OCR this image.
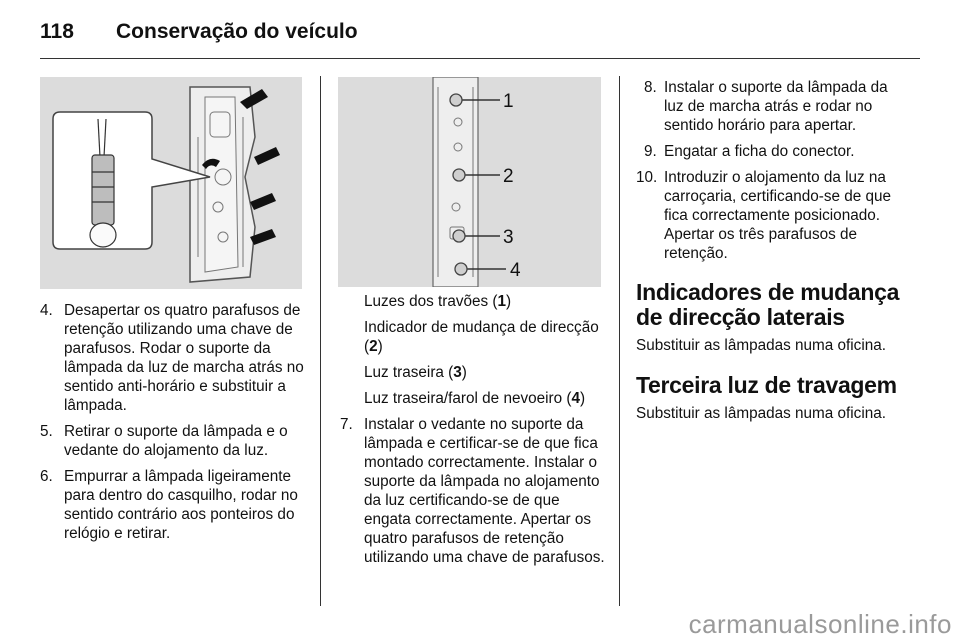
118 Conservação do veículo
1
2
3
4
4. Desapertar os quatro parafusos de retenção utilizando uma chave de parafusos. Rodar o suporte da lâmpada da luz de marcha atrás no sentido anti-horário e substituir a lâmpada.
5. Retirar o suporte da lâmpada e o vedante do alojamento da luz.
6. Empurrar a lâmpada ligeiramente para dentro do casquilho, rodar no sentido contrário aos ponteiros do relógio e retirar.

Luzes dos travões (1)

Indicador de mudança de direcção (2)

Luz traseira (3)

Luz traseira/farol de nevoeiro (4)

7. Instalar o vedante no suporte da lâmpada e certificar-se de que fica montado correctamente. Instalar o suporte da lâmpada no alojamento da luz certificando-se de que engata correctamente. Apertar os quatro parafusos de retenção utilizando uma chave de parafusos.
8. Instalar o suporte da lâmpada da luz de marcha atrás e rodar no sentido horário para apertar.
9. Engatar a ficha do conector.
10. Introduzir o alojamento da luz na carroçaria, certificando-se de que fica correctamente posicionado. Apertar os três parafusos de retenção.
Indicadores de mudança de direcção laterais

Substituir as lâmpadas numa oficina.

Terceira luz de travagem

Substituir as lâmpadas numa oficina.

carmanualsonline.info
